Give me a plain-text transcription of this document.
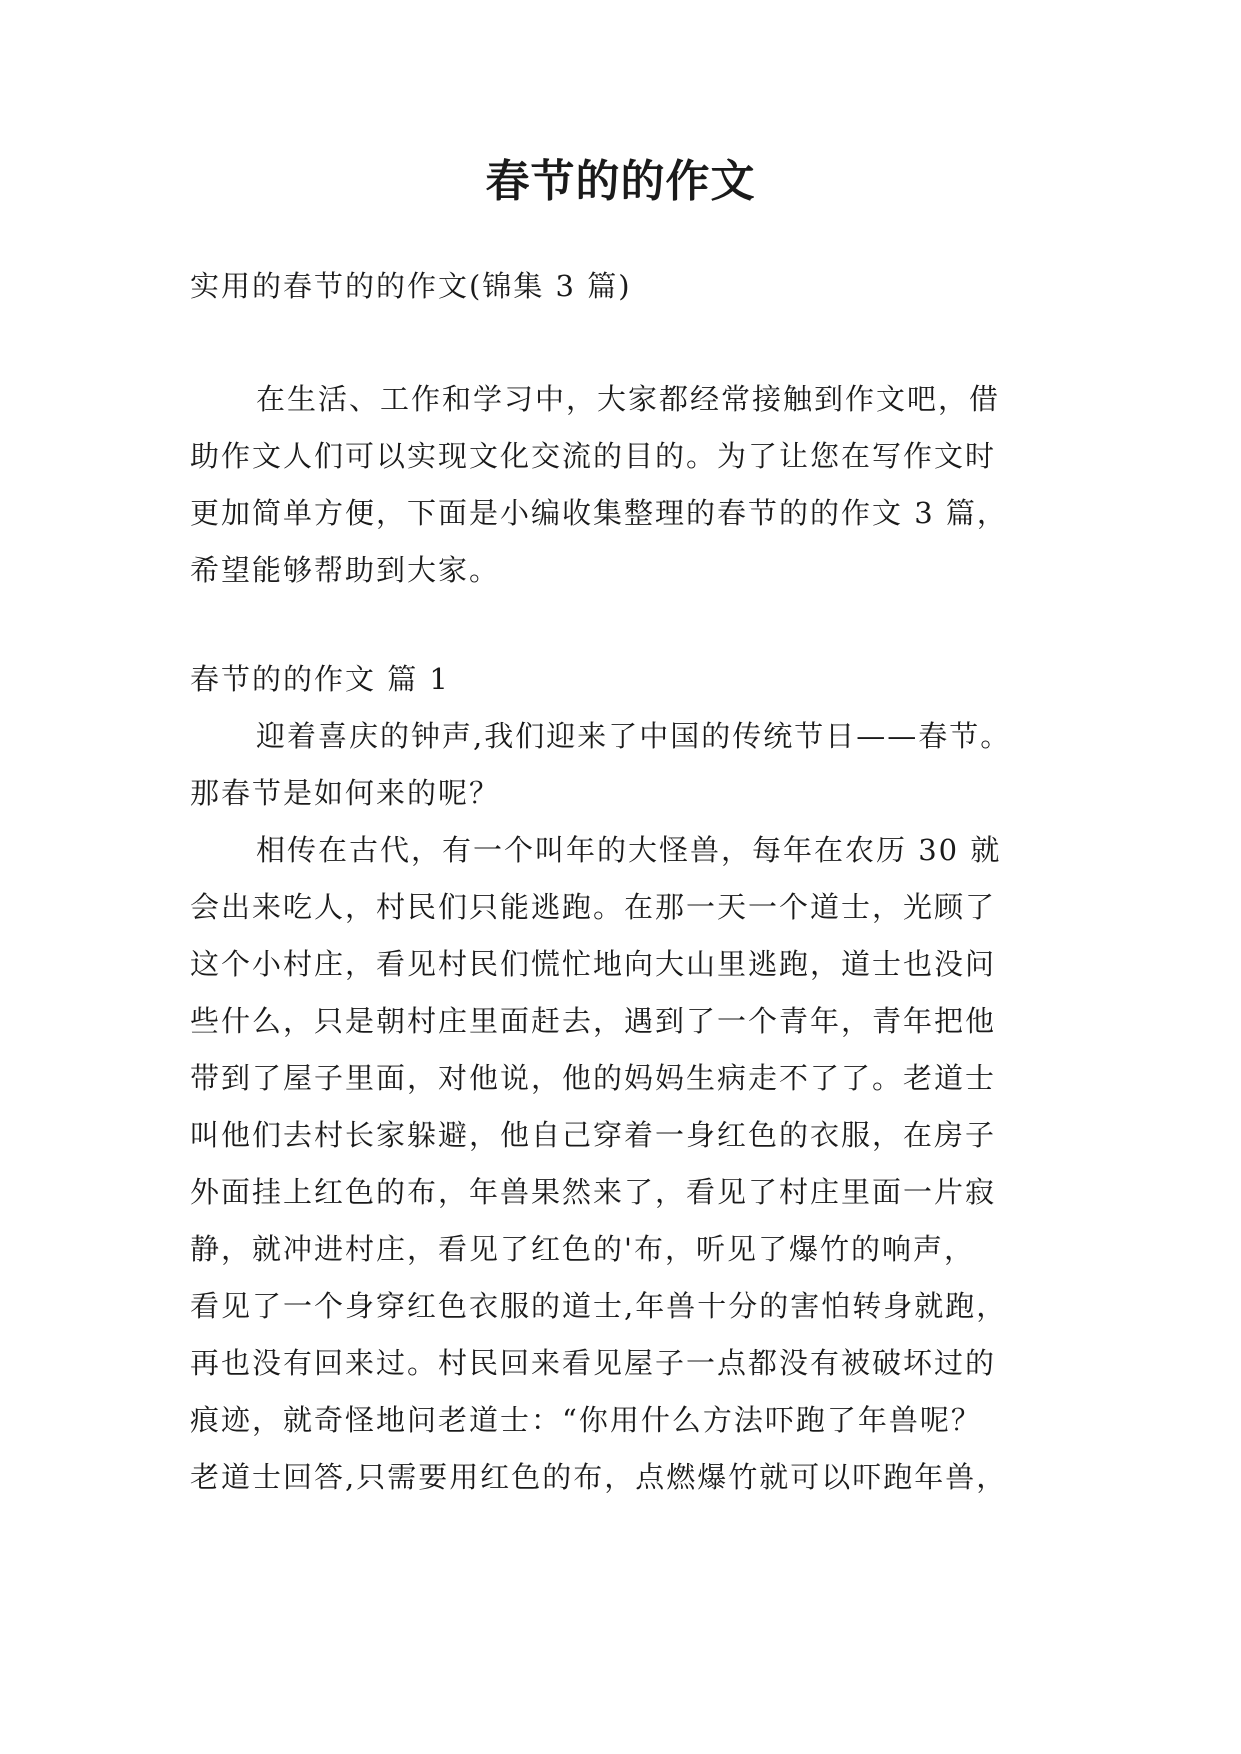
春节的的作文
实用的春节的的作文(锦集 3 篇)
在生活、工作和学习中，大家都经常接触到作文吧，借
助作文人们可以实现文化交流的目的。为了让您在写作文时
更加简单方便，下面是小编收集整理的春节的的作文 3 篇，
希望能够帮助到大家。
春节的的作文 篇 1
迎着喜庆的钟声,我们迎来了中国的传统节日——春节。
那春节是如何来的呢？
相传在古代，有一个叫年的大怪兽，每年在农历 30 就
会出来吃人，村民们只能逃跑。在那一天一个道士，光顾了
这个小村庄，看见村民们慌忙地向大山里逃跑，道士也没问
些什么，只是朝村庄里面赶去，遇到了一个青年，青年把他
带到了屋子里面，对他说，他的妈妈生病走不了了。老道士
叫他们去村长家躲避，他自己穿着一身红色的衣服，在房子
外面挂上红色的布，年兽果然来了，看见了村庄里面一片寂
静，就冲进村庄，看见了红色的'布，听见了爆竹的响声，
看见了一个身穿红色衣服的道士,年兽十分的害怕转身就跑，
再也没有回来过。村民回来看见屋子一点都没有被破坏过的
痕迹，就奇怪地问老道士：“你用什么方法吓跑了年兽呢？
老道士回答,只需要用红色的布，点燃爆竹就可以吓跑年兽，
